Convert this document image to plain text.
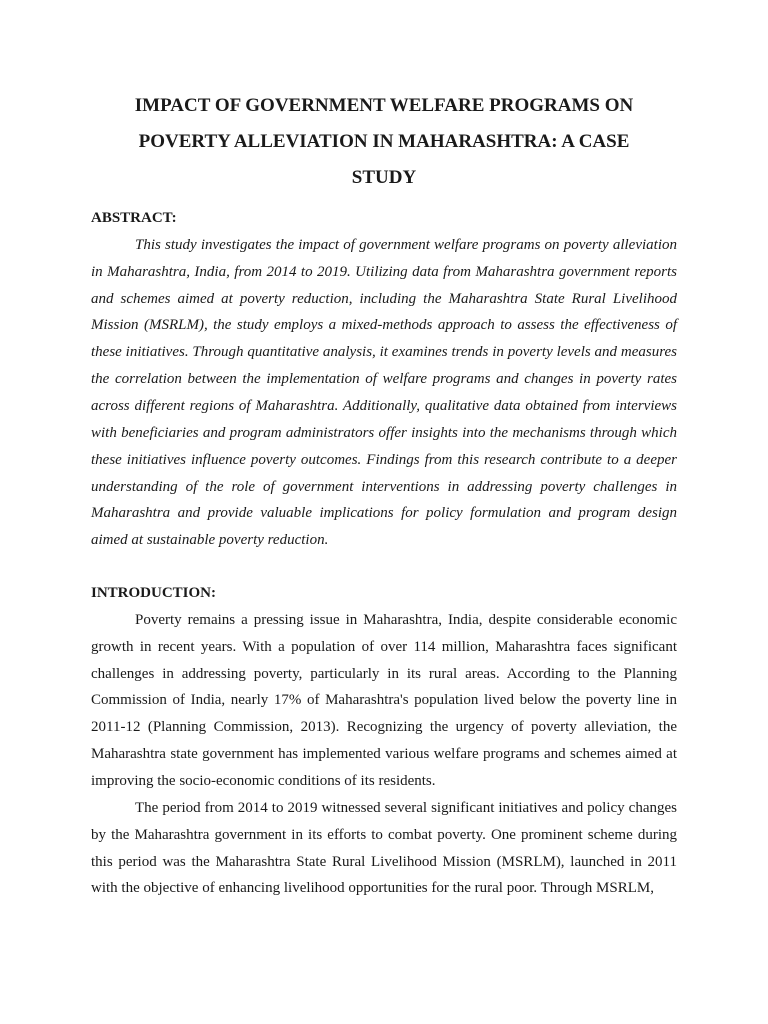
IMPACT OF GOVERNMENT WELFARE PROGRAMS ON
POVERTY ALLEVIATION IN MAHARASHTRA: A CASE
STUDY
ABSTRACT:

This study investigates the impact of government welfare programs on poverty alleviation in Maharashtra, India, from 2014 to 2019. Utilizing data from Maharashtra government reports and schemes aimed at poverty reduction, including the Maharashtra State Rural Livelihood Mission (MSRLM), the study employs a mixed-methods approach to assess the effectiveness of these initiatives. Through quantitative analysis, it examines trends in poverty levels and measures the correlation between the implementation of welfare programs and changes in poverty rates across different regions of Maharashtra. Additionally, qualitative data obtained from interviews with beneficiaries and program administrators offer insights into the mechanisms through which these initiatives influence poverty outcomes. Findings from this research contribute to a deeper understanding of the role of government interventions in addressing poverty challenges in Maharashtra and provide valuable implications for policy formulation and program design aimed at sustainable poverty reduction.

INTRODUCTION:

Poverty remains a pressing issue in Maharashtra, India, despite considerable economic growth in recent years. With a population of over 114 million, Maharashtra faces significant challenges in addressing poverty, particularly in its rural areas. According to the Planning Commission of India, nearly 17% of Maharashtra's population lived below the poverty line in 2011-12 (Planning Commission, 2013). Recognizing the urgency of poverty alleviation, the Maharashtra state government has implemented various welfare programs and schemes aimed at improving the socio-economic conditions of its residents.

The period from 2014 to 2019 witnessed several significant initiatives and policy changes by the Maharashtra government in its efforts to combat poverty. One prominent scheme during this period was the Maharashtra State Rural Livelihood Mission (MSRLM), launched in 2011 with the objective of enhancing livelihood opportunities for the rural poor. Through MSRLM,
